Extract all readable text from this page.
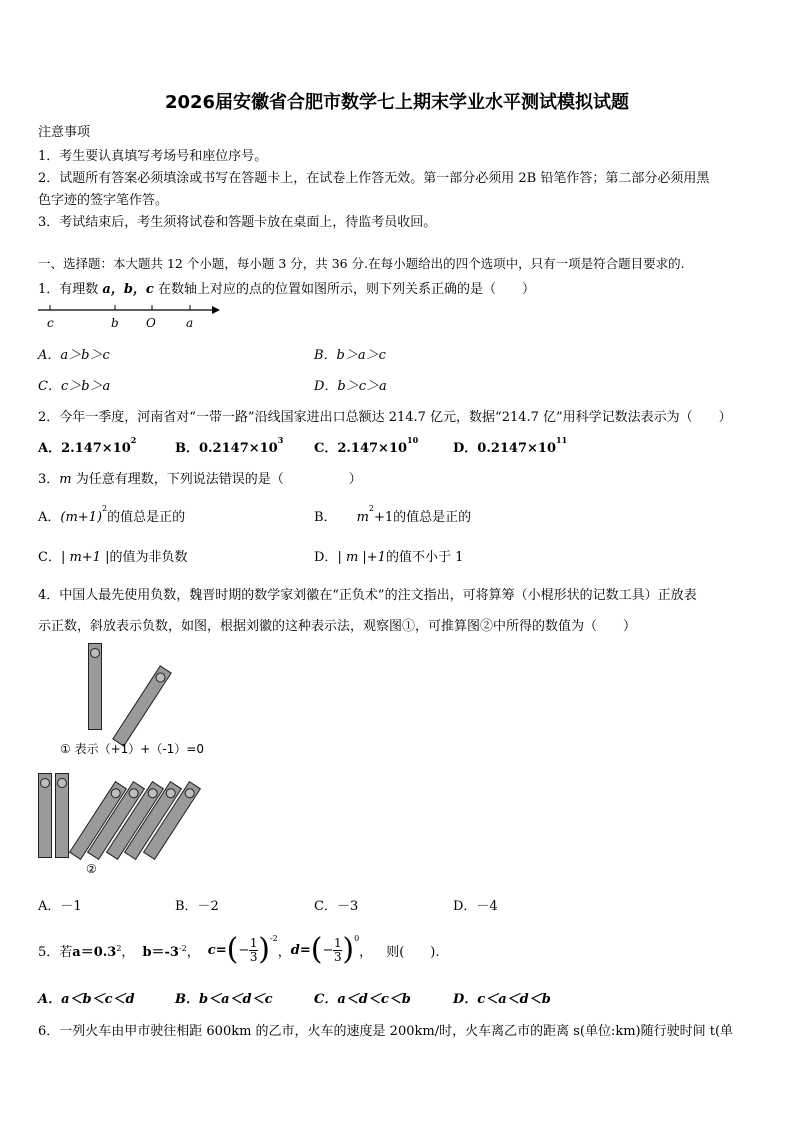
2026届安徽省合肥市数学七上期末学业水平测试模拟试题
注意事项
1．考生要认真填写考场号和座位序号。
2．试题所有答案必须填涂或书写在答题卡上，在试卷上作答无效。第一部分必须用 2B 铅笔作答；第二部分必须用黑
色字迹的签字笔作答。
3．考试结束后，考生须将试卷和答题卡放在桌面上，待监考员收回。
一、选择题：本大题共 12 个小题，每小题 3 分，共 36 分.在每小题给出的四个选项中，只有一项是符合题目要求的.
1．有理数 a，b，c 在数轴上对应的点的位置如图所示，则下列关系正确的是（　　）
c	b O	a
A．a＞b＞c	B．b＞a＞c
C．c＞b＞a	D．b＞c＞a
2．今年一季度，河南省对“一带一路”沿线国家进出口总额达 214.7 亿元，数据“214.7 亿”用科学记数法表示为（　　）
A．$2.147\times 10^2$
B．$0.2147\times 10^3$
C．$2.147\times 10^{10}$
D．$0.2147\times 10^{11}$
3．m 为任意有理数，下列说法错误的是（　　　　　）
A．$(m+1)^2$的值总是正的	B． $m^2+1$的值总是正的
C．| m+1 |的值为非负数	D．| m |+1的值不小于 1
4．中国人最先使用负数，魏晋时期的数学家刘徽在“正负术”的注文指出，可将算筹（小棍形状的记数工具）正放表
示正数，斜放表示负数，如图，根据刘徽的这种表示法，观察图①，可推算图②中所得的数值为（　　）
① 表示（+1）+（-1）=0
②
A．－1	B．－2	C．－3	D．－4
5．若 $a=0.3^2$ ， $b=-3^{-2}$ ， c= ( − $\frac{1}{3} )^{-2}$
， d= ( − $\frac{1}{3} )^0$
， 则(　　).
A．a＜b＜c＜d	B．b＜a＜d＜c	C．a＜d＜c＜b	D．c＜a＜d＜b
6．一列火车由甲市驶往相距 600km 的乙市，火车的速度是 200km/时，火车离乙市的距离 s(单位:km)随行驶时间 t(单
